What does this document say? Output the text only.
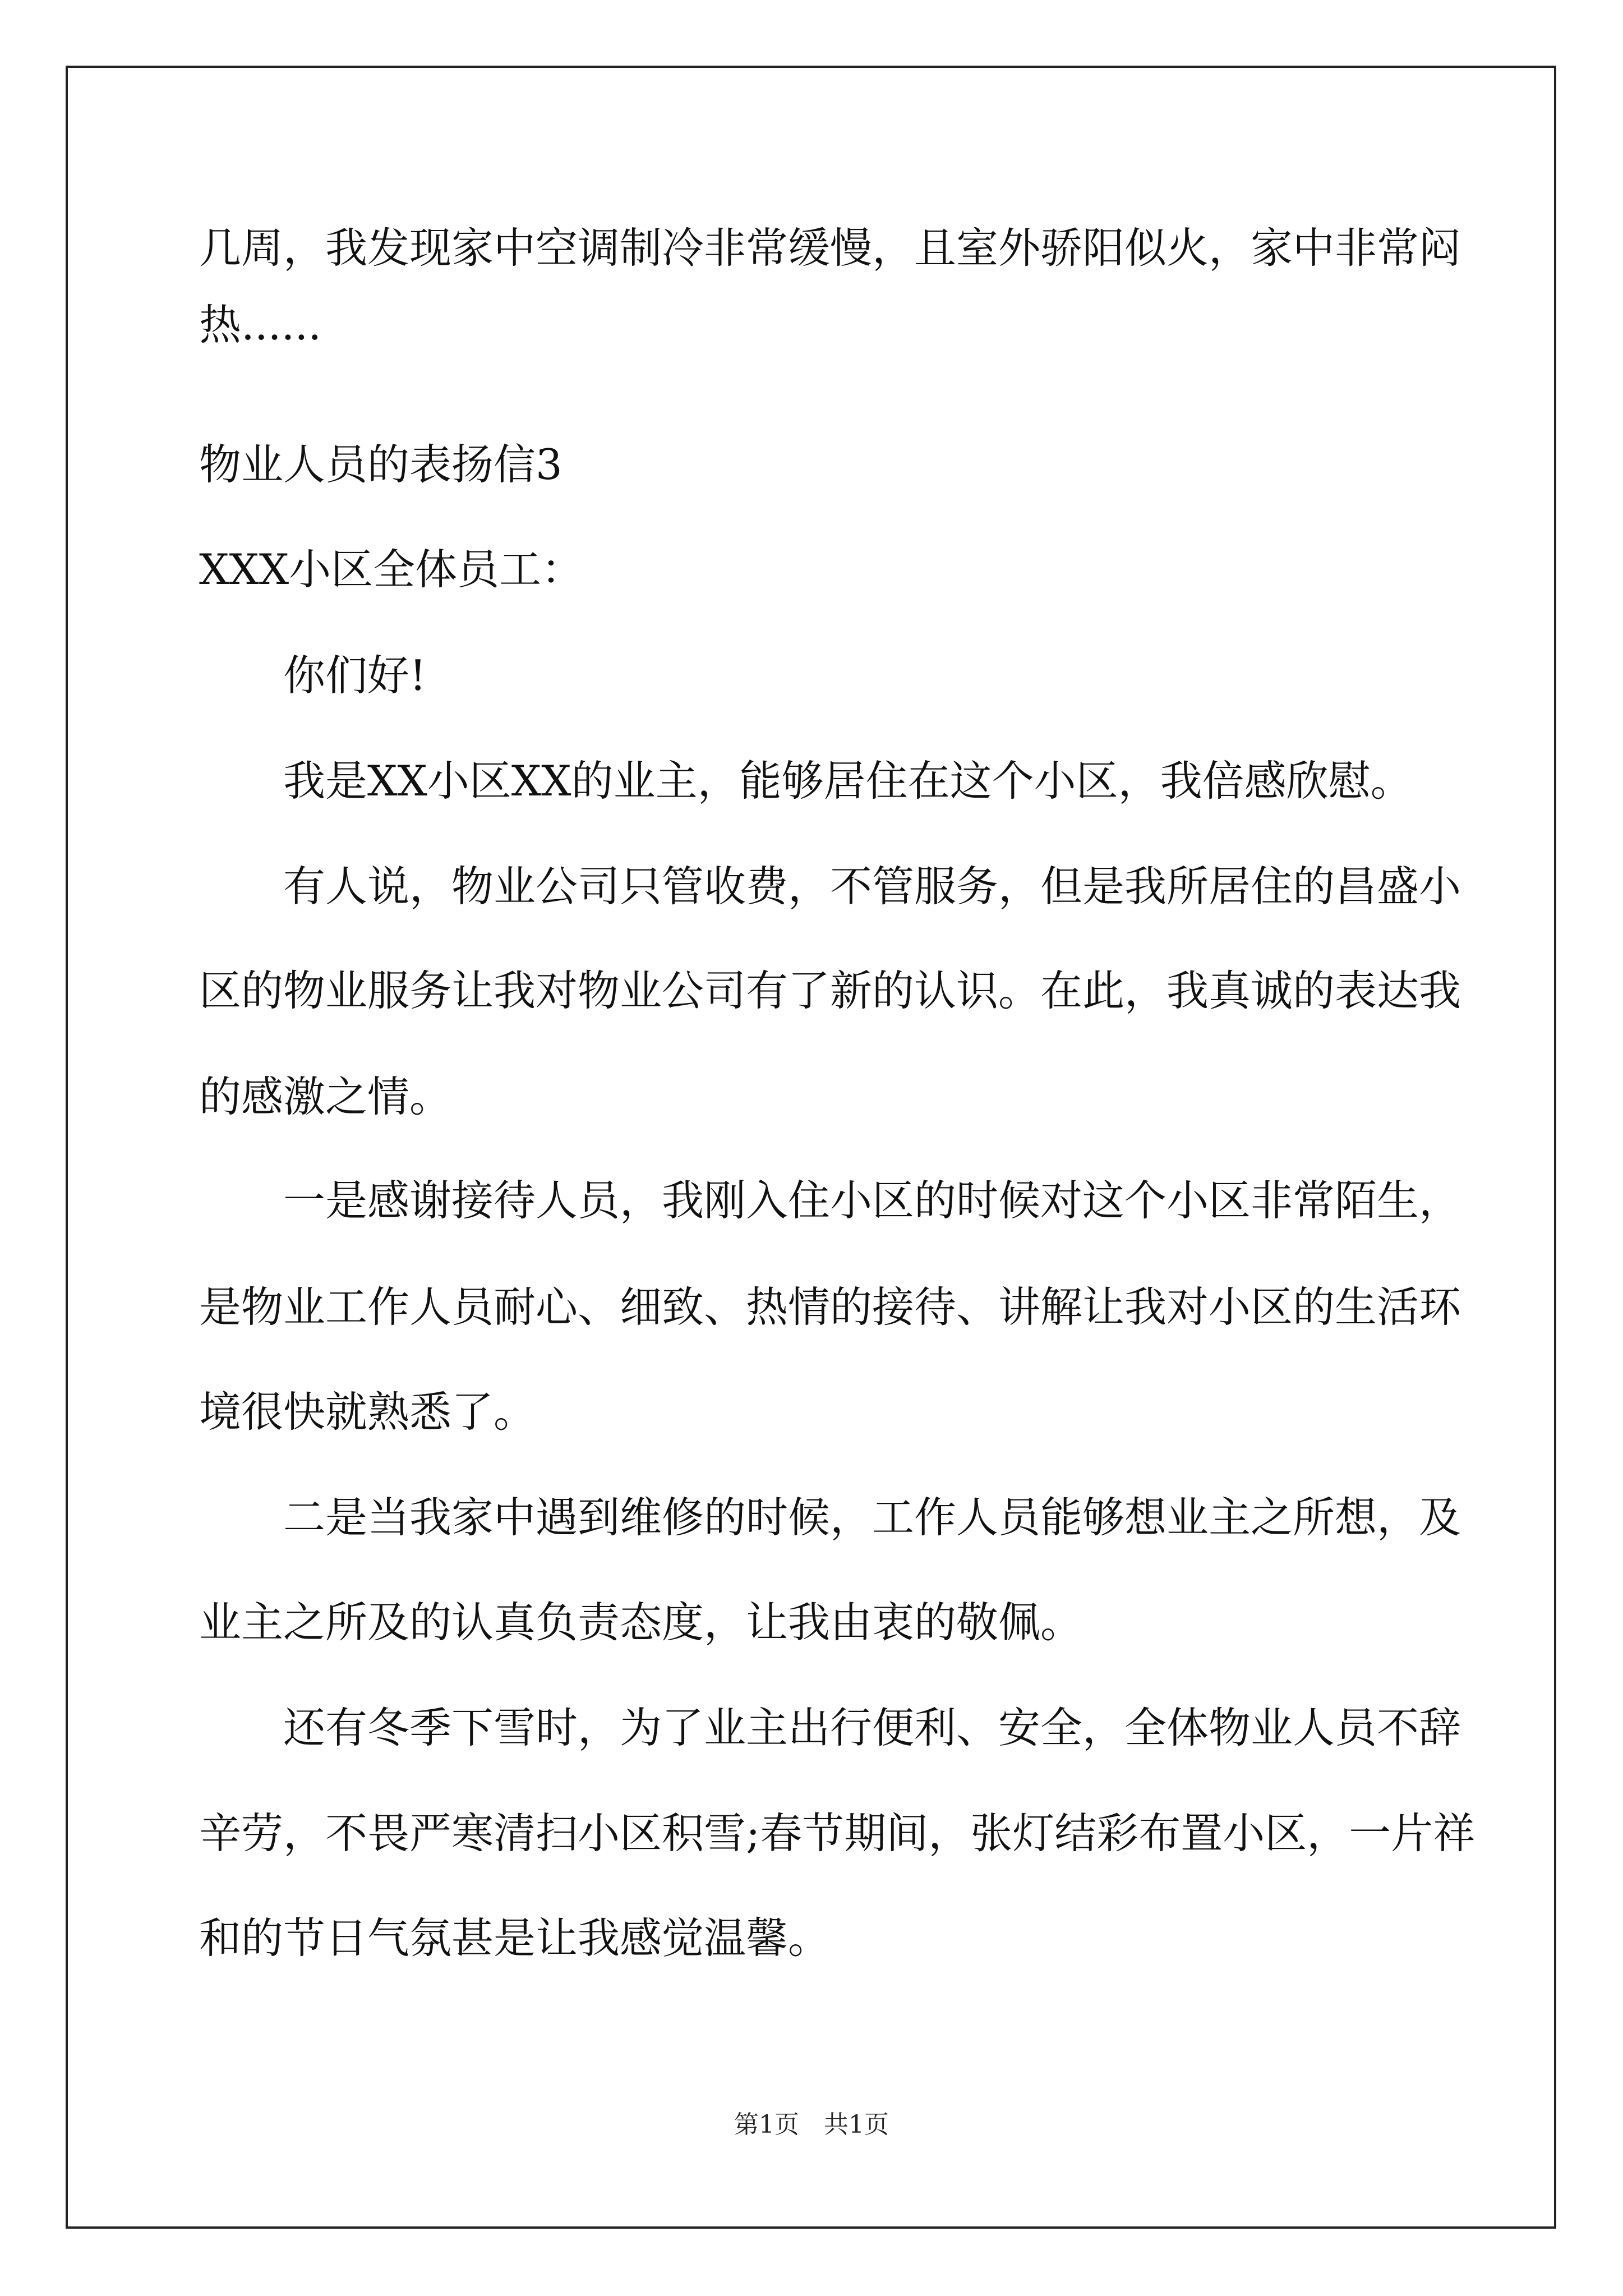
几周，我发现家中空调制冷非常缓慢，且室外骄阳似火，家中非常闷
热......
物业人员的表扬信3
XXX小区全体员工：
你们好!
我是XX小区XX的业主，能够居住在这个小区，我倍感欣慰。
有人说，物业公司只管收费，不管服务，但是我所居住的昌盛小
区的物业服务让我对物业公司有了新的认识。在此，我真诚的表达我
的感激之情。
一是感谢接待人员，我刚入住小区的时候对这个小区非常陌生，
是物业工作人员耐心、细致、热情的接待、讲解让我对小区的生活环
境很快就熟悉了。
二是当我家中遇到维修的时候，工作人员能够想业主之所想，及
业主之所及的认真负责态度，让我由衷的敬佩。
还有冬季下雪时，为了业主出行便利、安全，全体物业人员不辞
辛劳，不畏严寒清扫小区积雪;春节期间，张灯结彩布置小区，一片祥
和的节日气氛甚是让我感觉温馨。
第1页　共1页
